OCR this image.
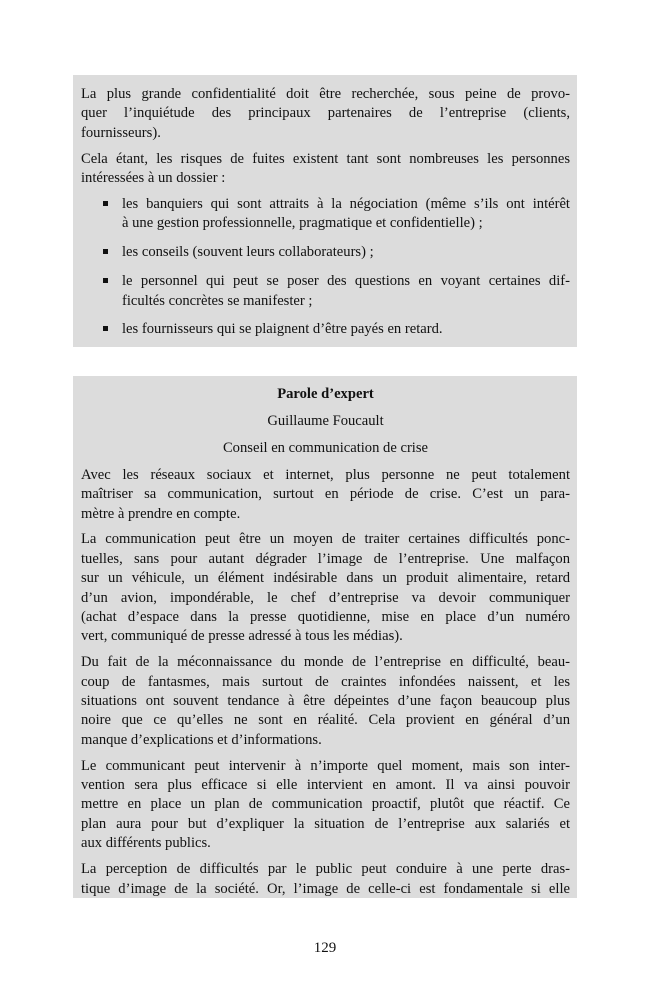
La plus grande confidentialité doit être recherchée, sous peine de provo-
quer l’inquiétude des principaux partenaires de l’entreprise (clients,
fournisseurs).

Cela étant, les risques de fuites existent tant sont nombreuses les personnes
intéressées à un dossier :

les banquiers qui sont attraits à la négociation (même s’ils ont intérêt
à une gestion professionnelle, pragmatique et confidentielle) ;
les conseils (souvent leurs collaborateurs) ;
le personnel qui peut se poser des questions en voyant certaines dif-
ficultés concrètes se manifester ;
les fournisseurs qui se plaignent d’être payés en retard.
Parole d’expert
Guillaume Foucault
Conseil en communication de crise

Avec les réseaux sociaux et internet, plus personne ne peut totalement
maîtriser sa communication, surtout en période de crise. C’est un para-
mètre à prendre en compte.

La communication peut être un moyen de traiter certaines difficultés ponc-
tuelles, sans pour autant dégrader l’image de l’entreprise. Une malfaçon
sur un véhicule, un élément indésirable dans un produit alimentaire, retard
d’un avion, impondérable, le chef d’entreprise va devoir communiquer
(achat d’espace dans la presse quotidienne, mise en place d’un numéro
vert, communiqué de presse adressé à tous les médias).

Du fait de la méconnaissance du monde de l’entreprise en difficulté, beau-
coup de fantasmes, mais surtout de craintes infondées naissent, et les
situations ont souvent tendance à être dépeintes d’une façon beaucoup plus
noire que ce qu’elles ne sont en réalité. Cela provient en général d’un
manque d’explications et d’informations.

Le communicant peut intervenir à n’importe quel moment, mais son inter-
vention sera plus efficace si elle intervient en amont. Il va ainsi pouvoir
mettre en place un plan de communication proactif, plutôt que réactif. Ce
plan aura pour but d’expliquer la situation de l’entreprise aux salariés et
aux différents publics.

La perception de difficultés par le public peut conduire à une perte dras-
tique d’image de la société. Or, l’image de celle-ci est fondamentale si elle

129
